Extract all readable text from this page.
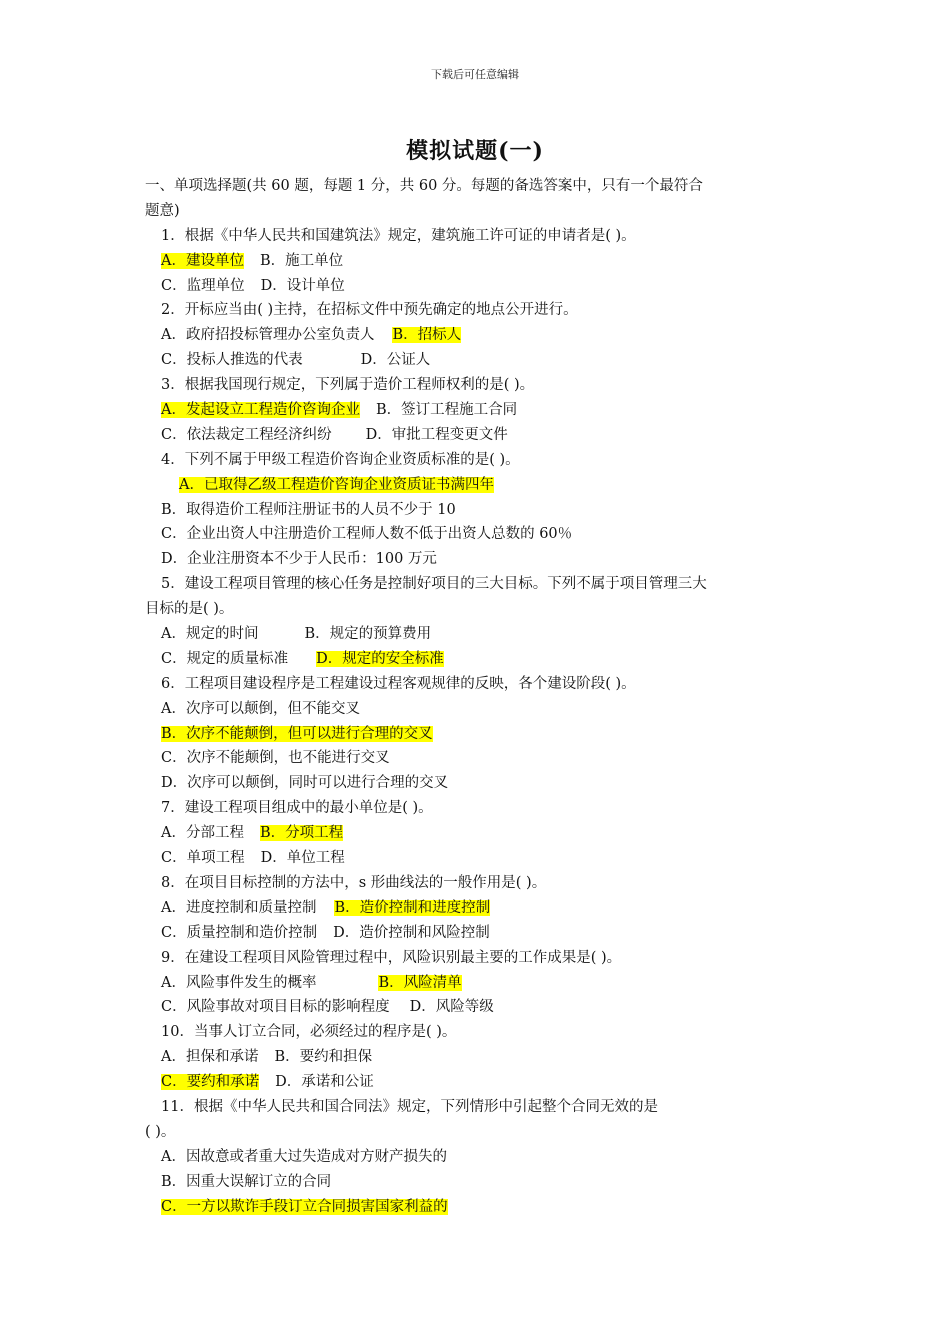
下载后可任意编辑
模拟试题(一)
一、单项选择题(共 60 题，每题 1 分，共 60 分。每题的备选答案中，只有一个最符合
题意)
1．根据《中华人民共和国建筑法》规定，建筑施工许可证的申请者是( )。
A．建设单位 B．施工单位
C．监理单位 D．设计单位
2．开标应当由( )主持，在招标文件中预先确定的地点公开进行。
A．政府招投标管理办公室负责人 B．招标人
C．投标人推选的代表	D．公证人
3．根据我国现行规定，下列属于造价工程师权利的是( )。
A．发起设立工程造价咨询企业 B．签订工程施工合同
C．依法裁定工程经济纠纷 D．审批工程变更文件
4．下列不属于甲级工程造价咨询企业资质标准的是( )。
A．已取得乙级工程造价咨询企业资质证书满四年
B．取得造价工程师注册证书的人员不少于 10
C．企业出资人中注册造价工程师人数不低于出资人总数的 60％
D．企业注册资本不少于人民币：100 万元
5．建设工程项目管理的核心任务是控制好项目的三大目标。下列不属于项目管理三大
目标的是( )。
A．规定的时间	B．规定的预算费用
C．规定的质量标准 D．规定的安全标准
6．工程项目建设程序是工程建设过程客观规律的反映，各个建设阶段( )。
A．次序可以颠倒，但不能交叉
B．次序不能颠倒，但可以进行合理的交叉
C．次序不能颠倒，也不能进行交叉
D．次序可以颠倒，同时可以进行合理的交叉
7．建设工程项目组成中的最小单位是( )。
A．分部工程 B．分项工程
C．单项工程 D．单位工程
8．在项目目标控制的方法中，s 形曲线法的一般作用是( )。
A．进度控制和质量控制 B．造价控制和进度控制
C．质量控制和造价控制 D．造价控制和风险控制
9．在建设工程项目风险管理过程中，风险识别最主要的工作成果是( )。
A．风险事件发生的概率	B．风险清单
C．风险事故对项目目标的影响程度 D．风险等级
10．当事人订立合同，必须经过的程序是( )。
A．担保和承诺 B．要约和担保
C．要约和承诺 D．承诺和公证
11．根据《中华人民共和国合同法》规定，下列情形中引起整个合同无效的是
( )。
A．因故意或者重大过失造成对方财产损失的
B．因重大误解订立的合同
C．一方以欺诈手段订立合同损害国家利益的
